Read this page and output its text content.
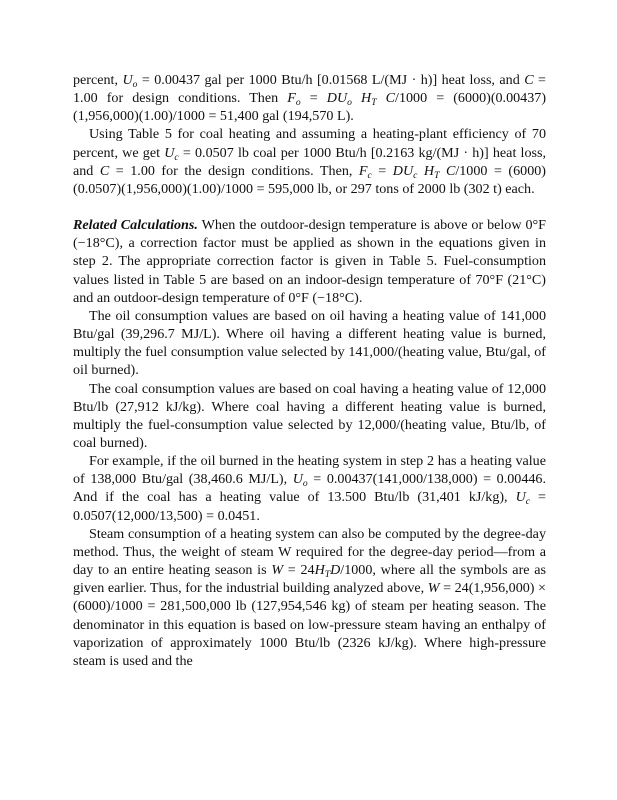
percent, $U_o = 0.00437$ gal per 1000 Btu/h [0.01568 L/(MJ · h)] heat loss, and C = 1.00 for design conditions. Then $F_o = DU_o$ $H_T$ C/1000 = (6000)(0.00437)(1,956,000)(1.00)/1000 = 51,400 gal (194,570 L).

Using Table 5 for coal heating and assuming a heating-plant efficiency of 70 percent, we get $U_c = 0.0507$ lb coal per 1000 Btu/h [0.2163 kg/(MJ · h)] heat loss, and C = 1.00 for the design conditions. Then, $F_c = DU_c$ $H_T$ C/1000 = (6000)(0.0507)(1,956,000)(1.00)/1000 = 595,000 lb, or 297 tons of 2000 lb (302 t) each.

Related Calculations. When the outdoor-design temperature is above or below 0°F (−18°C), a correction factor must be applied as shown in the equations given in step 2. The appropriate correction factor is given in Table 5. Fuel-consumption values listed in Table 5 are based on an indoor-design temperature of 70°F (21°C) and an outdoor-design temperature of 0°F (−18°C).

The oil consumption values are based on oil having a heating value of 141,000 Btu/gal (39,296.7 MJ/L). Where oil having a different heating value is burned, multiply the fuel consumption value selected by 141,000/(heating value, Btu/gal, of oil burned).

The coal consumption values are based on coal having a heating value of 12,000 Btu/lb (27,912 kJ/kg). Where coal having a different heating value is burned, multiply the fuel-consumption value selected by 12,000/(heating value, Btu/lb, of coal burned).

For example, if the oil burned in the heating system in step 2 has a heating value of 138,000 Btu/gal (38,460.6 MJ/L), $U_o = 0.00437(141,000/138,000) = 0.00446$. And if the coal has a heating value of 13.500 Btu/lb (31,401 kJ/kg), $U_c = 0.0507(12,000/13,500) = 0.0451$.

Steam consumption of a heating system can also be computed by the degree-day method. Thus, the weight of steam W required for the degree-day period—from a day to an entire heating season is $W = 24H_TD/1000$, where all the symbols are as given earlier. Thus, for the industrial building analyzed above, W = 24(1,956,000) × (6000)/1000 = 281,500,000 lb (127,954,546 kg) of steam per heating season. The denominator in this equation is based on low-pressure steam having an enthalpy of vaporization of approximately 1000 Btu/lb (2326 kJ/kg). Where high-pressure steam is used and the
